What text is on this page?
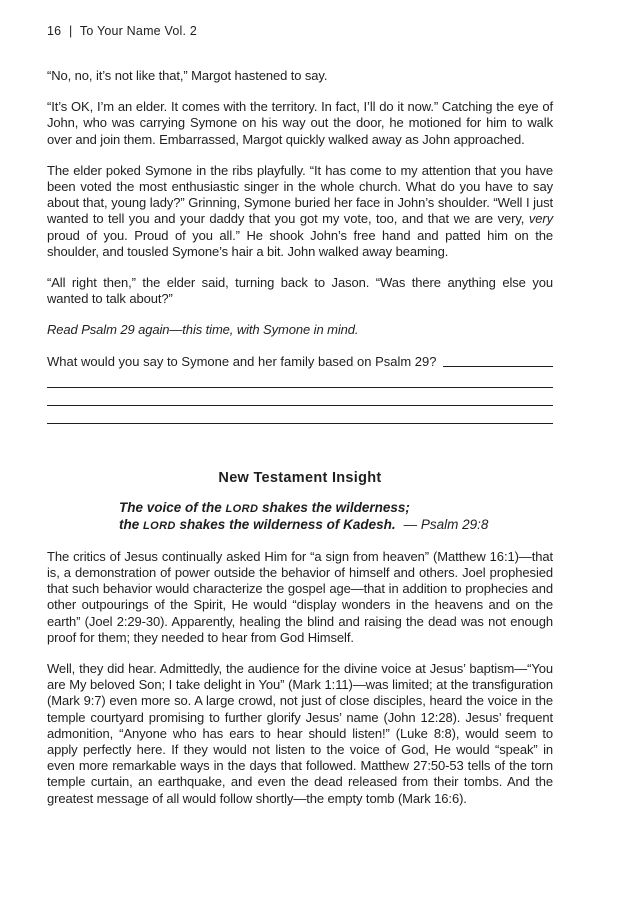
16 | To Your Name Vol. 2

“No, no, it’s not like that,” Margot hastened to say.

“It’s OK, I’m an elder. It comes with the territory. In fact, I’ll do it now.” Catching the eye of John, who was carrying Symone on his way out the door, he motioned for him to walk over and join them. Embarrassed, Margot quickly walked away as John approached.

The elder poked Symone in the ribs playfully. “It has come to my attention that you have been voted the most enthusiastic singer in the whole church. What do you have to say about that, young lady?” Grinning, Symone buried her face in John’s shoulder. “Well I just wanted to tell you and your daddy that you got my vote, too, and that we are very, very proud of you. Proud of you all.” He shook John’s free hand and patted him on the shoulder, and tousled Symone’s hair a bit. John walked away beaming.

“All right then,” the elder said, turning back to Jason. “Was there anything else you wanted to talk about?”

Read Psalm 29 again—this time, with Symone in mind.

What would you say to Symone and her family based on Psalm 29?
New Testament Insight
The voice of the LORD shakes the wilderness;
the LORD shakes the wilderness of Kadesh. — Psalm 29:8

The critics of Jesus continually asked Him for “a sign from heaven” (Matthew 16:1)—that is, a demonstration of power outside the behavior of himself and others. Joel prophesied that such behavior would characterize the gospel age—that in addition to prophecies and other outpourings of the Spirit, He would “display wonders in the heavens and on the earth” (Joel 2:29-30). Apparently, healing the blind and raising the dead was not enough proof for them; they needed to hear from God Himself.

Well, they did hear. Admittedly, the audience for the divine voice at Jesus’ baptism—“You are My beloved Son; I take delight in You” (Mark 1:11)—was limited; at the transfiguration (Mark 9:7) even more so. A large crowd, not just of close disciples, heard the voice in the temple courtyard promising to further glorify Jesus’ name (John 12:28). Jesus’ frequent admonition, “Anyone who has ears to hear should listen!” (Luke 8:8), would seem to apply perfectly here. If they would not listen to the voice of God, He would “speak” in even more remarkable ways in the days that followed. Matthew 27:50-53 tells of the torn temple curtain, an earthquake, and even the dead released from their tombs. And the greatest message of all would follow shortly—the empty tomb (Mark 16:6).
